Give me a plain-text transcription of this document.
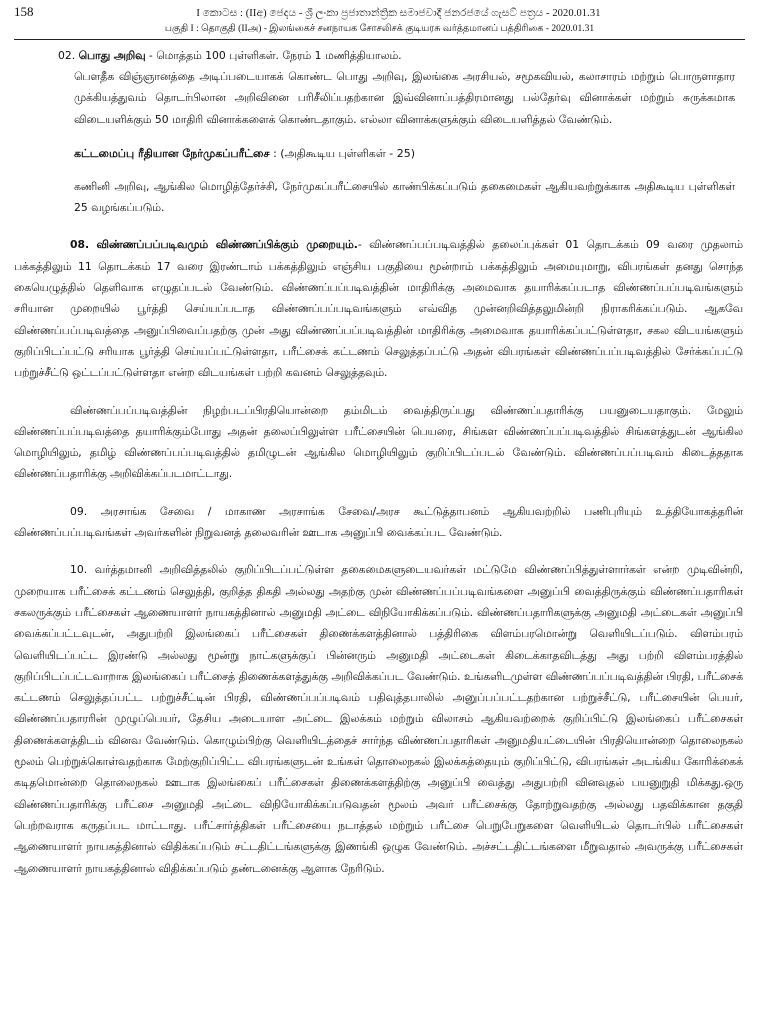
158	I කොටස : (IIඅ) ජෙදය - ශ්‍රී ලංකා ප්‍රජාතාන්ත්‍රික සමාජවාදී ජනරජයේ ගැසට් පත්‍රය - 2020.01.31
பகுதி I : தொகுதி (IIஅ) - இலங்கைச் சனநாயக சோசலிசக் குடியரசு வர்த்தமானப் பத்திரிகை - 2020.01.31

02. பொது அறிவு - மொத்தம் 100 புள்ளிகள். நேரம் 1 மணித்தியாலம்.

பௌதீக விஞ்ஞானத்தை அடிப்படையாகக் கொண்ட பொது அறிவு, இலங்கை அரசியல், சமூகவியல், கலாசாரம் மற்றும் பொருளாதார முக்கியத்துவம் தொடர்பிலான அறிவினை பரிசீலிப்பதற்கான இவ்வினாப்பத்திரமானது பல்தேர்வு வினாக்கள் மற்றும் சுருக்கமாக விடையளிக்கும் 50 மாதிரி வினாக்களைக் கொண்டதாகும். எல்லா வினாக்களுக்கும் விடையளித்தல் வேண்டும்.

கட்டமைப்பு ரீதியான நேர்முகப்பரீட்சை : (அதிகூடிய புள்ளிகள் - 25)

கணினி அறிவு, ஆங்கில மொழித்தேர்ச்சி, நேர்முகப்பரீட்சையில் காண்பிக்கப்படும் தகைமைகள் ஆகியவற்றுக்காக அதிகூடிய புள்ளிகள் 25 வழங்கப்படும்.

08. விண்ணப்பப்படிவமும் விண்ணப்பிக்கும் முறையும்.- விண்ணப்பப்படிவத்தில் தலைப்புக்கள் 01 தொடக்கம் 09 வரை முதலாம் பக்கத்திலும் 11 தொடக்கம் 17 வரை இரண்டாம் பக்கத்திலும் எஞ்சிய பகுதியை மூன்றாம் பக்கத்திலும் அமையுமாறு, விபரங்கள் தனது சொந்த கையெழுத்தில் தெளிவாக எழுதப்படல் வேண்டும். விண்ணப்பப்படிவத்தின் மாதிரிக்கு அமைவாக தயாரிக்கப்படாத விண்ணப்பப்படிவங்களும் சரியான முறையில் பூர்த்தி செய்யப்படாத விண்ணப்பப்படிவங்களும் எவ்வித முன்னறிவித்தலுமின்றி நிராகரிக்கப்படும். ஆகவே விண்ணப்பப்படிவத்தை அனுப்பிவைப்பதற்கு முன் அது விண்ணப்பப்படிவத்தின் மாதிரிக்கு அமைவாக தயாரிக்கப்பட்டுள்ளதா, சகல விடயங்களும் குறிப்பிடப்பட்டு சரியாக பூர்த்தி செய்யப்பட்டுள்ளதா, பரீட்சைக் கட்டணம் செலுத்தப்பட்டு அதன் விபரங்கள் விண்ணப்பப்படிவத்தில் சேர்க்கப்பட்டு பற்றுச்சீட்டு ஒட்டப்பட்டுள்ளதா என்ற விடயங்கள் பற்றி கவனம் செலுத்தவும்.

விண்ணப்பப்படிவத்தின் நிழற்படப்பிரதியொன்றை தம்மிடம் வைத்திருப்பது விண்ணப்பதாரிக்கு பயனுடையதாகும். மேலும் விண்ணப்பப்படிவத்தை தயாரிக்கும்போது அதன் தலைப்பிலுள்ள பரீட்சையின் பெயரை, சிங்கள விண்ணப்பப்படிவத்தில் சிங்களத்துடன் ஆங்கில மொழியிலும், தமிழ் விண்ணப்பப்படிவத்தில் தமிழுடன் ஆங்கில மொழியிலும் குறிப்பிடப்படல் வேண்டும். விண்ணப்பப்படிவம் கிடைத்ததாக விண்ணப்பதாரிக்கு அறிவிக்கப்படமாட்டாது.

09. அரசாங்க சேவை / மாகாண அரசாங்க சேவை/அரச கூட்டுத்தாபனம் ஆகியவற்றில் பணிபுரியும் உத்தியோகத்தரின் விண்ணப்பப்படிவங்கள் அவர்களின் நிறுவனத் தலைவரின் ஊடாக அனுப்பி வைக்கப்பட வேண்டும்.

10. வர்த்தமானி அறிவித்தலில் குறிப்பிடப்பட்டுள்ள தகைமைகளுடையவர்கள் மட்டுமே விண்ணப்பித்துள்ளார்கள் என்ற முடிவின்றி, முறையாக பரீட்சைக் கட்டணம் செலுத்தி, குறித்த திகதி அல்லது அதற்கு முன் விண்ணப்பப்படிவங்களை அனுப்பி வைத்திருக்கும் விண்ணப்பதாரிகள் சகலருக்கும் பரீட்சைகள் ஆணையாளர் நாயகத்தினால் அனுமதி அட்டை விநியோகிக்கப்படும். விண்ணப்பதாரிகளுக்கு அனுமதி அட்டைகள் அனுப்பி வைக்கப்பட்டவுடன், அதுபற்றி இலங்கைப் பரீட்சைகள் திணைக்களத்தினால் பத்திரிகை விளம்பரமொன்று வெளியிடப்படும். விளம்பரம் வெளியிடப்பட்ட இரண்டு அல்லது மூன்று நாட்களுக்குப் பின்னரும் அனுமதி அட்டைகள் கிடைக்காதவிடத்து அது பற்றி விளம்பரத்தில் குறிப்பிடப்பட்டவாறாக இலங்கைப் பரீட்சைத் திணைக்களத்துக்கு அறிவிக்கப்பட வேண்டும். உங்களிடமுள்ள விண்ணப்பப்படிவத்தின் பிரதி, பரீட்சைக் கட்டணம் செலுத்தப்பட்ட பற்றுச்சீட்டின் பிரதி, விண்ணப்பப்படிவம் பதிவுத்தபாலில் அனுப்பப்பட்டதற்கான பற்றுச்சீட்டு, பரீட்சையின் பெயர், விண்ணப்பதாரரின் முழுப்பெயர், தேசிய அடையாள அட்டை இலக்கம் மற்றும் விலாசம் ஆகியவற்றைக் குறிப்பிட்டு இலங்கைப் பரீட்சைகள் திணைக்களத்திடம் வினவ வேண்டும். கொழும்பிற்கு வெளியிடத்தைச் சார்ந்த விண்ணப்பதாரிகள் அனுமதியட்டையின் பிரதியொன்றை தொலைநகல் மூலம் பெற்றுக்கொள்வதற்காக மேற்குறிப்பிட்ட விபரங்களுடன் உங்கள் தொலைநகல் இலக்கத்தையும் குறிப்பிட்டு, விபரங்கள் அடங்கிய கோரிக்கைக் கடிதமொன்றை தொலைநகல் ஊடாக இலங்கைப் பரீட்சைகள் திணைக்களத்திற்கு அனுப்பி வைத்து அதுபற்றி வினவுதல் பயனுறுதி மிக்கது.ஒரு விண்ணப்பதாரிக்கு பரீட்சை அனுமதி அட்டை விநியோகிக்கப்படுவதன் மூலம் அவர் பரீட்சைக்கு தோற்றுவதற்கு அல்லது பதவிக்கான தகுதி பெற்றவராக கருதப்பட மாட்டாது. பரீட்சார்த்திகள் பரீட்சையை நடாத்தல் மற்றும் பரீட்சை பெறுபேறுகளை வெளியிடல் தொடர்பில் பரீட்சைகள் ஆணையாளர் நாயகத்தினால் விதிக்கப்படும் சட்டதிட்டங்களுக்கு இணங்கி ஒழுக வேண்டும். அச்சட்டதிட்டங்களை மீறுவதால் அவருக்கு பரீட்சைகள் ஆணையாளர் நாயகத்தினால் விதிக்கப்படும் தண்டனைக்கு ஆளாக நேரிடும்.
